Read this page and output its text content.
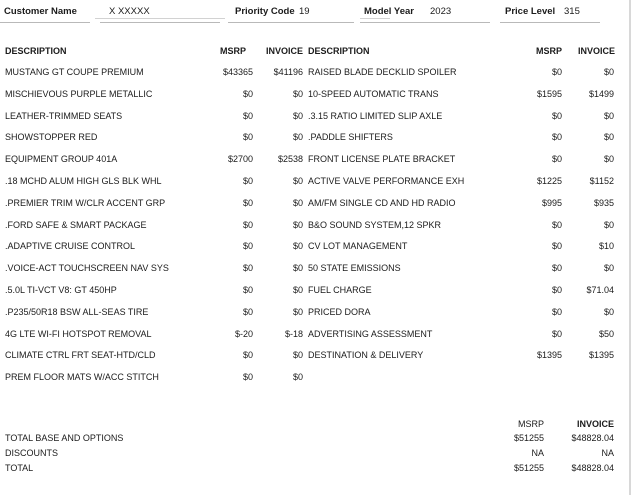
Customer Name	X XXXXX	Priority Code 19	Model Year 2023	Price Level 315
DESCRIPTION	MSRP INVOICE DESCRIPTION	MSRP INVOICE
MUSTANG GT COUPE PREMIUM	$43365 $41196
MISCHIEVOUS PURPLE METALLIC	$0	$0
LEATHER-TRIMMED SEATS	$0	$0
SHOWSTOPPER RED	$0	$0
EQUIPMENT GROUP 401A	$2700	$2538
.18 MCHD ALUM HIGH GLS BLK WHL	$0	$0
.PREMIER TRIM W/CLR ACCENT GRP	$0	$0
.FORD SAFE & SMART PACKAGE	$0	$0
.ADAPTIVE CRUISE CONTROL	$0	$0
.VOICE-ACT TOUCHSCREEN NAV SYS	$0	$0
.5.0L TI-VCT V8: GT 450HP	$0	$0
.P235/50R18 BSW ALL-SEAS TIRE	$0	$0
4G LTE WI-FI HOTSPOT REMOVAL	$-20	$-18
CLIMATE CTRL FRT SEAT-HTD/CLD	$0	$0
PREM FLOOR MATS W/ACC STITCH	$0	$0
RAISED BLADE DECKLID SPOILER	$0	$0
10-SPEED AUTOMATIC TRANS	$1595	$1499
.3.15 RATIO LIMITED SLIP AXLE	$0	$0
.PADDLE SHIFTERS	$0	$0
FRONT LICENSE PLATE BRACKET	$0	$0
ACTIVE VALVE PERFORMANCE EXH	$1225	$1152
AM/FM SINGLE CD AND HD RADIO	$995	$935
B&O SOUND SYSTEM,12 SPKR	$0	$0
CV LOT MANAGEMENT	$0	$10
50 STATE EMISSIONS	$0	$0
FUEL CHARGE	$0	$71.04
PRICED DORA	$0	$0
ADVERTISING ASSESSMENT	$0	$50
DESTINATION & DELIVERY	$1395	$1395
MSRP	INVOICE
TOTAL BASE AND OPTIONS	$51255	$48828.04
DISCOUNTS	NA	NA
TOTAL	$51255	$48828.04
